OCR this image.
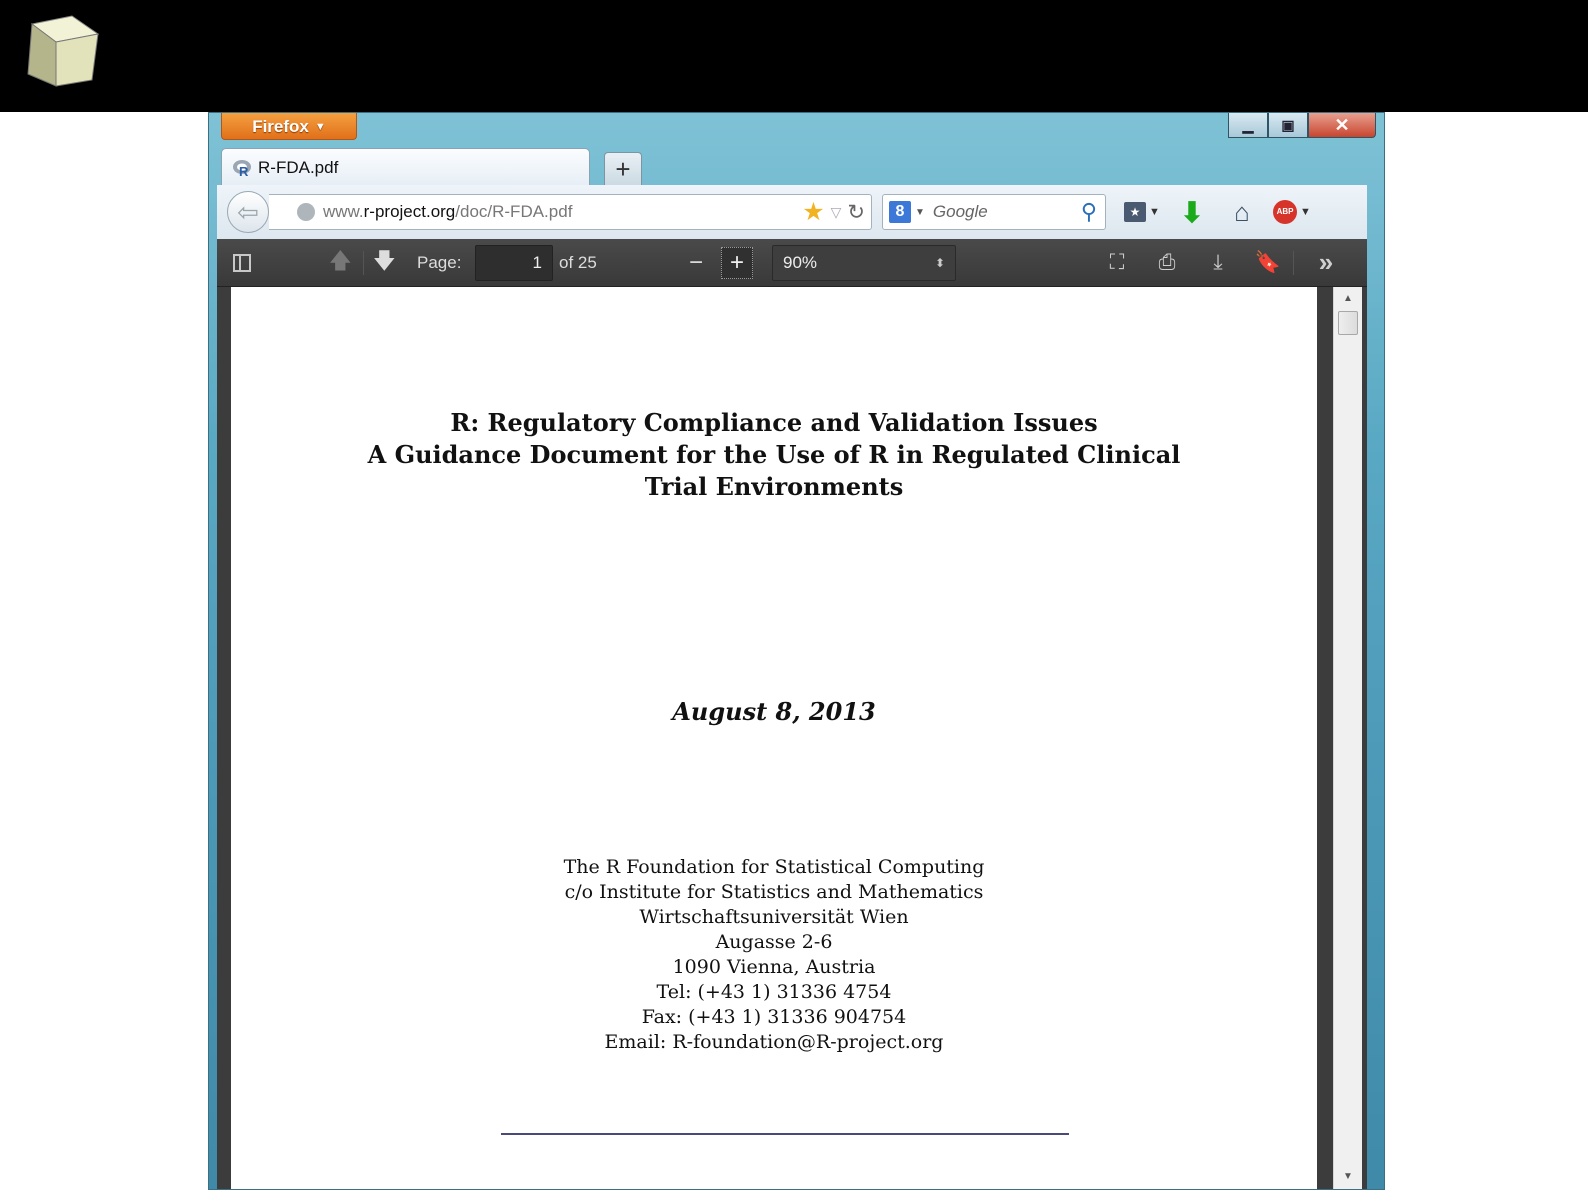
Firefox ▼	▁ ▣ ✕
R R-FDA.pdf	+
www. r-project.org /doc/R-FDA.pdf	★ ▽ ↻
⇦	8	▼ Google	⚲	★ ▼ ⬇ ⌂	ABP ▼
🡅 🡇 Page:	1	of 25	−	+	90%	⬍	⛶ ⎙ ⤓ 🔖 »
R: Regulatory Compliance and Validation Issues
A Guidance Document for the Use of R in Regulated Clinical
Trial Environments
August 8, 2013
The R Foundation for Statistical Computing
c/o Institute for Statistics and Mathematics
Wirtschaftsuniversität Wien
Augasse 2-6
1090 Vienna, Austria
Tel: (+43 1) 31336 4754
Fax: (+43 1) 31336 904754
Email: R-foundation@R-project.org
▲
▼
